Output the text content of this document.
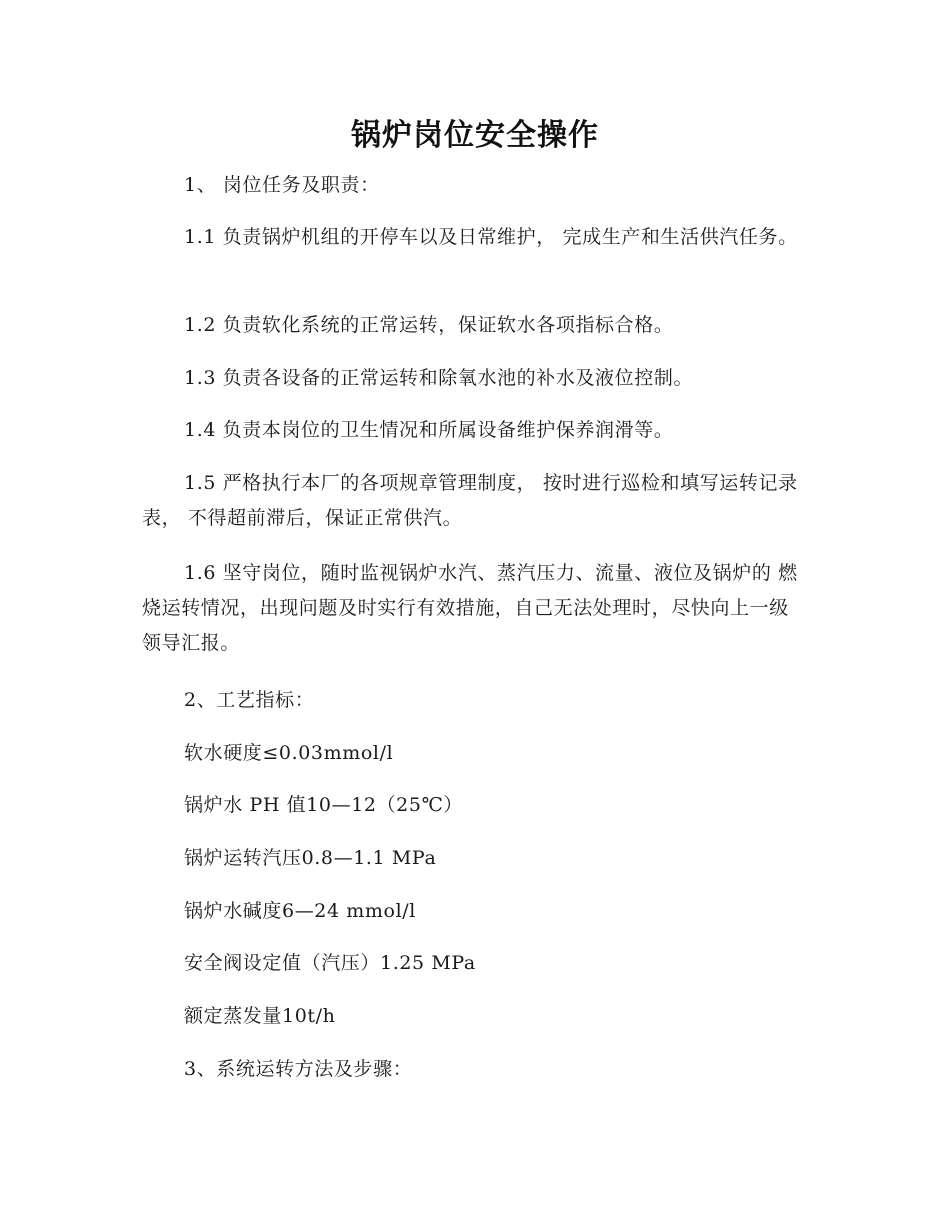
锅炉岗位安全操作

1、 岗位任务及职责：

1.1 负责锅炉机组的开停车以及日常维护， 完成生产和生活供汽任务。

1.2 负责软化系统的正常运转，保证软水各项指标合格。

1.3 负责各设备的正常运转和除氧水池的补水及液位控制。

1.4 负责本岗位的卫生情况和所属设备维护保养润滑等。

1.5 严格执行本厂的各项规章管理制度， 按时进行巡检和填写运转记录表， 不得超前滞后，保证正常供汽。

1.6 坚守岗位，随时监视锅炉水汽、蒸汽压力、流量、液位及锅炉的 燃烧运转情况，出现问题及时实行有效措施，自己无法处理时，尽快向上一级领导汇报。

2、工艺指标：

软水硬度≤0.03mmol/l

锅炉水 PH 值10—12（25℃）

锅炉运转汽压0.8—1.1 MPa

锅炉水碱度6—24 mmol/l

安全阀设定值（汽压）1.25 MPa

额定蒸发量10t/h

3、系统运转方法及步骤：
